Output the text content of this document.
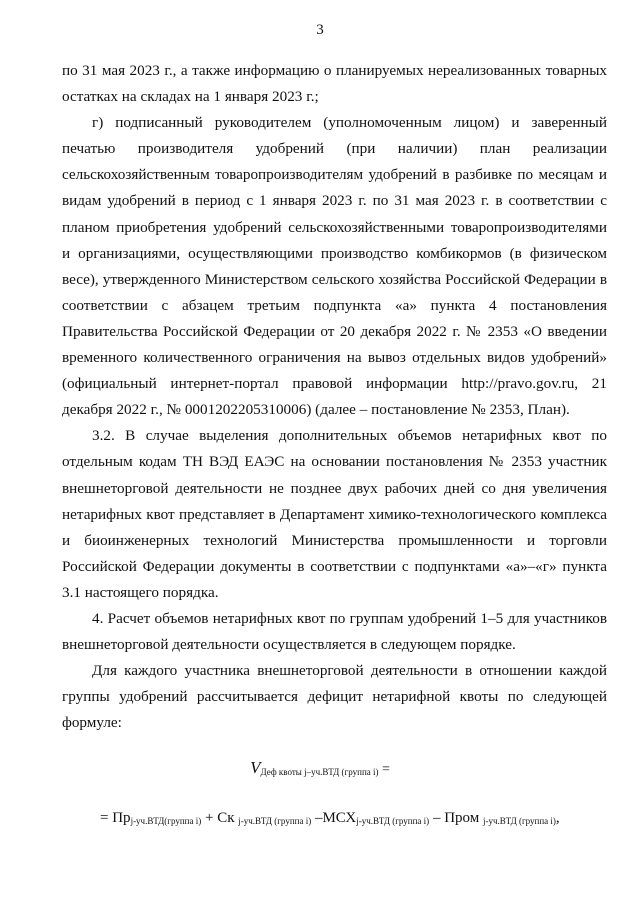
3

по 31 мая 2023 г., а также информацию о планируемых нереализованных товарных остатках на складах на 1 января 2023 г.;

г) подписанный руководителем (уполномоченным лицом) и заверенный печатью производителя удобрений (при наличии) план реализации сельскохозяйственным товаропроизводителям удобрений в разбивке по месяцам и видам удобрений в период с 1 января 2023 г. по 31 мая 2023 г. в соответствии с планом приобретения удобрений сельскохозяйственными товаропроизводителями и организациями, осуществляющими производство комбикормов (в физическом весе), утвержденного Министерством сельского хозяйства Российской Федерации в соответствии с абзацем третьим подпункта «а» пункта 4 постановления Правительства Российской Федерации от 20 декабря 2022 г. № 2353 «О введении временного количественного ограничения на вывоз отдельных видов удобрений» (официальный интернет-портал правовой информации http://pravo.gov.ru, 21 декабря 2022 г., № 0001202205310006) (далее – постановление № 2353, План).

3.2. В случае выделения дополнительных объемов нетарифных квот по отдельным кодам ТН ВЭД ЕАЭС на основании постановления № 2353 участник внешнеторговой деятельности не позднее двух рабочих дней со дня увеличения нетарифных квот представляет в Департамент химико-технологического комплекса и биоинженерных технологий Министерства промышленности и торговли Российской Федерации документы в соответствии с подпунктами «а»–«г» пункта 3.1 настоящего порядка.

4. Расчет объемов нетарифных квот по группам удобрений 1–5 для участников внешнеторговой деятельности осуществляется в следующем порядке.

Для каждого участника внешнеторговой деятельности в отношении каждой группы удобрений рассчитывается дефицит нетарифной квоты по следующей формуле:

$V_{Деф квоты j-уч.ВТД (группа i)}$ =
= $Пр_{j-уч.ВТД(группа i)}$ + Ск $_{j-уч.ВТД (группа i)}$ $-МСХ_{j-уч.ВТД (группа i)}$ – Пром $_{j-уч.ВТД (группа i)}$,
